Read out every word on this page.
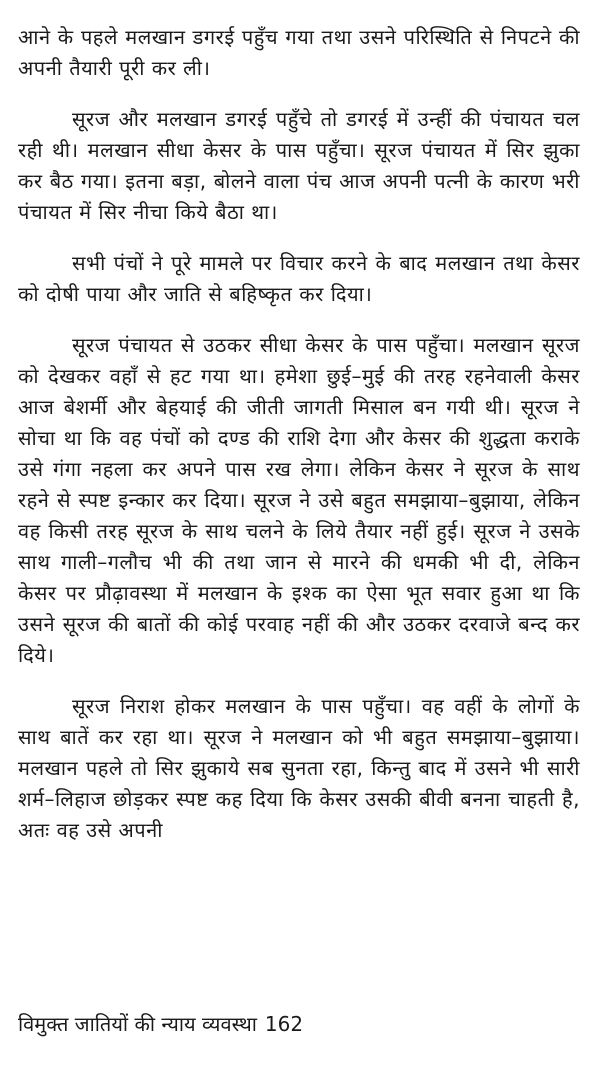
आने के पहले मलखान डगरई पहुँच गया तथा उसने परिस्थिति से निपटने की अपनी तैयारी पूरी कर ली।

सूरज और मलखान डगरई पहुँचे तो डगरई में उन्हीं की पंचायत चल रही थी। मलखान सीधा केसर के पास पहुँचा। सूरज पंचायत में सिर झुका कर बैठ गया। इतना बड़ा, बोलने वाला पंच आज अपनी पत्नी के कारण भरी पंचायत में सिर नीचा किये बैठा था।

सभी पंचों ने पूरे मामले पर विचार करने के बाद मलखान तथा केसर को दोषी पाया और जाति से बहिष्कृत कर दिया।

सूरज पंचायत से उठकर सीधा केसर के पास पहुँचा। मलखान सूरज को देखकर वहाँ से हट गया था। हमेशा छुई–मुई की तरह रहनेवाली केसर आज बेशर्मी और बेहयाई की जीती जागती मिसाल बन गयी थी। सूरज ने सोचा था कि वह पंचों को दण्ड की राशि देगा और केसर की शुद्धता कराके उसे गंगा नहला कर अपने पास रख लेगा। लेकिन केसर ने सूरज के साथ रहने से स्पष्ट इन्कार कर दिया। सूरज ने उसे बहुत समझाया–बुझाया, लेकिन वह किसी तरह सूरज के साथ चलने के लिये तैयार नहीं हुई। सूरज ने उसके साथ गाली–गलौच भी की तथा जान से मारने की धमकी भी दी, लेकिन केसर पर प्रौढ़ावस्था में मलखान के इश्क का ऐसा भूत सवार हुआ था कि उसने सूरज की बातों की कोई परवाह नहीं की और उठकर दरवाजे बन्द कर दिये।

सूरज निराश होकर मलखान के पास पहुँचा। वह वहीं के लोगों के साथ बातें कर रहा था। सूरज ने मलखान को भी बहुत समझाया–बुझाया। मलखान पहले तो सिर झुकाये सब सुनता रहा, किन्तु बाद में उसने भी सारी शर्म–लिहाज छोड़कर स्पष्ट कह दिया कि केसर उसकी बीवी बनना चाहती है, अतः वह उसे अपनी

विमुक्त जातियों की न्याय व्यवस्था 162
